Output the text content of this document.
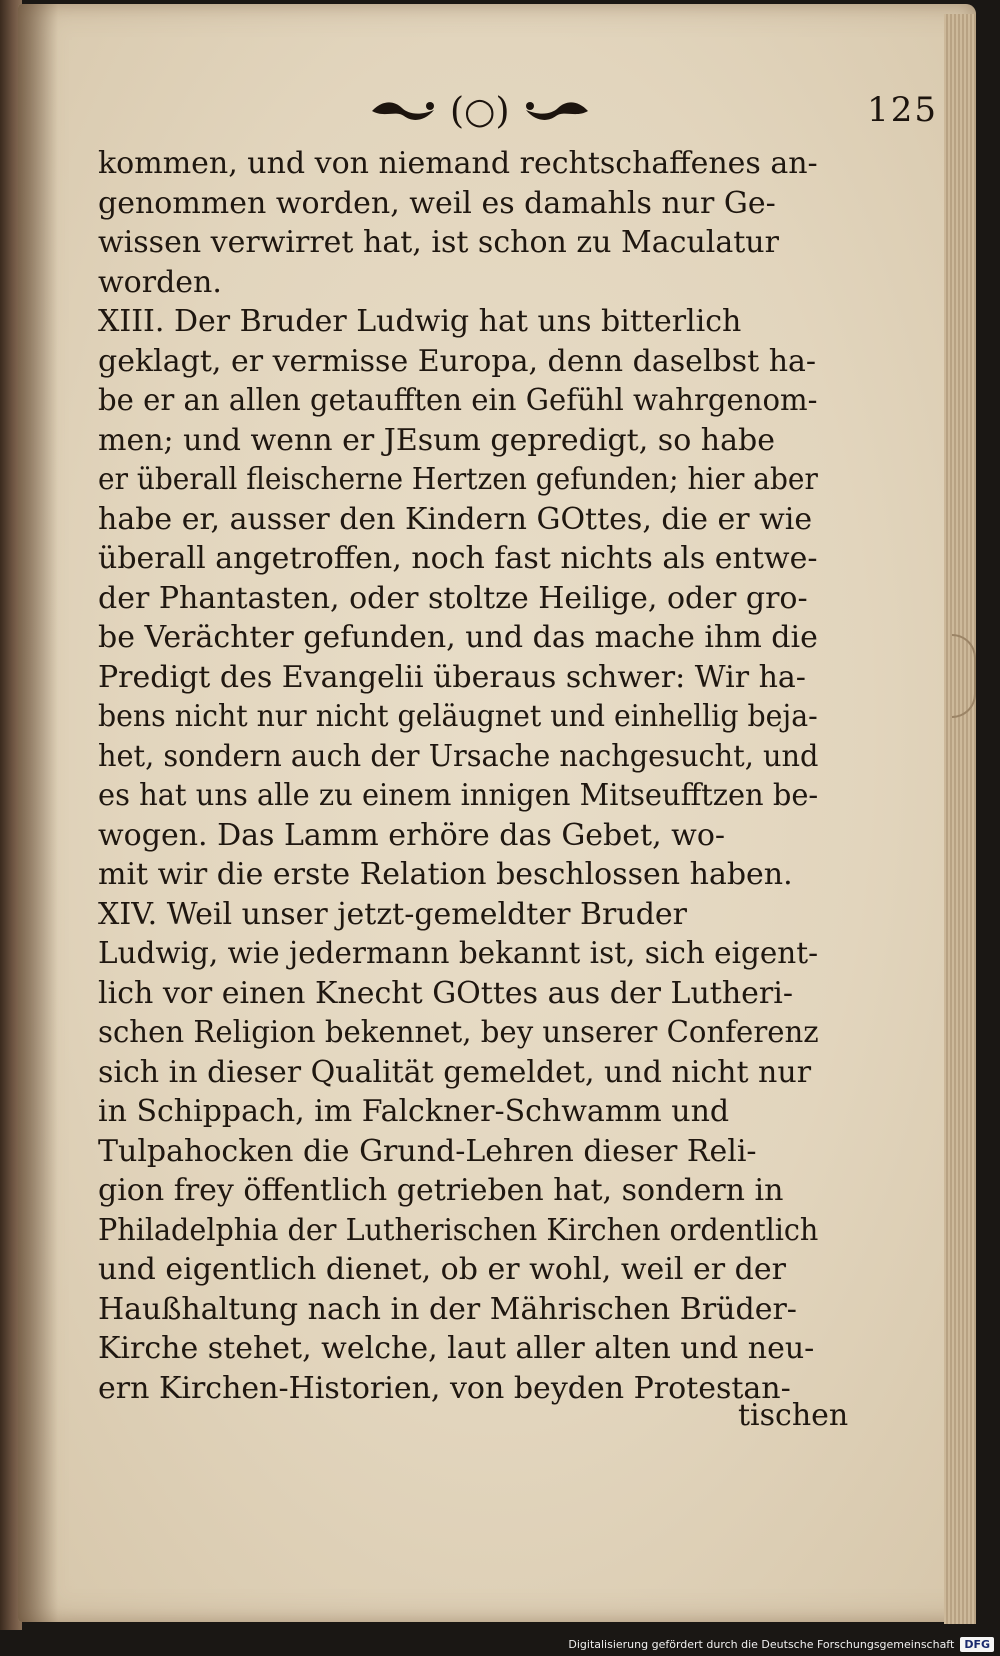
(○)	125
kommen, und von niemand rechtschaffenes an-
genommen worden, weil es damahls nur Ge-
wissen verwirret hat, ist schon zu Maculatur
worden.
XIII. Der Bruder Ludwig hat uns bitterlich
geklagt, er vermisse Europa, denn daselbst ha-
be er an allen getaufften ein Gefühl wahrgenom-
men; und wenn er JEsum gepredigt, so habe
er überall fleischerne Hertzen gefunden; hier aber
habe er, ausser den Kindern GOttes, die er wie
überall angetroffen, noch fast nichts als entwe-
der Phantasten, oder stoltze Heilige, oder gro-
be Verächter gefunden, und das mache ihm die
Predigt des Evangelii überaus schwer: Wir ha-
bens nicht nur nicht geläugnet und einhellig beja-
het, sondern auch der Ursache nachgesucht, und
es hat uns alle zu einem innigen Mitseufftzen be-
wogen. Das Lamm erhöre das Gebet, wo-
mit wir die erste Relation beschlossen haben.
XIV. Weil unser jetzt-gemeldter Bruder
Ludwig, wie jedermann bekannt ist, sich eigent-
lich vor einen Knecht GOttes aus der Lutheri-
schen Religion bekennet, bey unserer Conferenz
sich in dieser Qualität gemeldet, und nicht nur
in Schippach, im Falckner-Schwamm und
Tulpahocken die Grund-Lehren dieser Reli-
gion frey öffentlich getrieben hat, sondern in
Philadelphia der Lutherischen Kirchen ordentlich
und eigentlich dienet, ob er wohl, weil er der
Haußhaltung nach in der Mährischen Brüder-
Kirche stehet, welche, laut aller alten und neu-
ern Kirchen-Historien, von beyden Protestan-
tischen
Digitalisierung gefördert durch die Deutsche Forschungsgemeinschaft DFG
